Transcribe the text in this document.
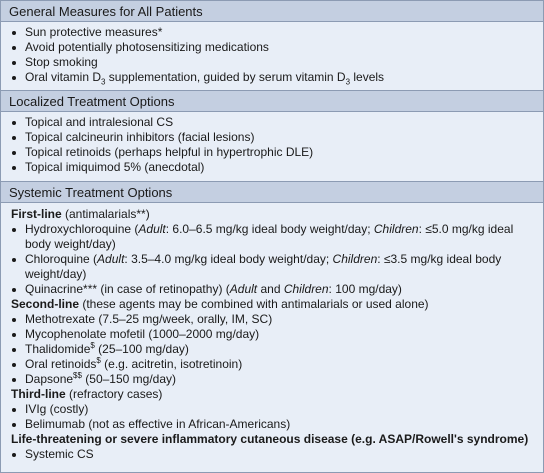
General Measures for All Patients
Sun protective measures*
Avoid potentially photosensitizing medications
Stop smoking
Oral vitamin $D_3$ supplementation, guided by serum vitamin $D_3$ levels
Localized Treatment Options
Topical and intralesional CS
Topical calcineurin inhibitors (facial lesions)
Topical retinoids (perhaps helpful in hypertrophic DLE)
Topical imiquimod 5% (anecdotal)
Systemic Treatment Options
First-line (antimalarials**)
Hydroxychloroquine (Adult: 6.0–6.5 mg/kg ideal body weight/day; Children: ≤5.0 mg/kg ideal body weight/day)
Chloroquine (Adult: 3.5–4.0 mg/kg ideal body weight/day; Children: ≤3.5 mg/kg ideal body weight/day)
Quinacrine*** (in case of retinopathy) (Adult and Children: 100 mg/day)
Second-line (these agents may be combined with antimalarials or used alone)
Methotrexate (7.5–25 mg/week, orally, IM, SC)
Mycophenolate mofetil (1000–2000 mg/day)
Thalidomide$ (25–100 mg/day)
Oral retinoids$ (e.g. acitretin, isotretinoin)
Dapsone$$ (50–150 mg/day)
Third-line (refractory cases)
IVIg (costly)
Belimumab (not as effective in African-Americans)
Life-threatening or severe inflammatory cutaneous disease (e.g. ASAP/Rowell's syndrome)
Systemic CS
